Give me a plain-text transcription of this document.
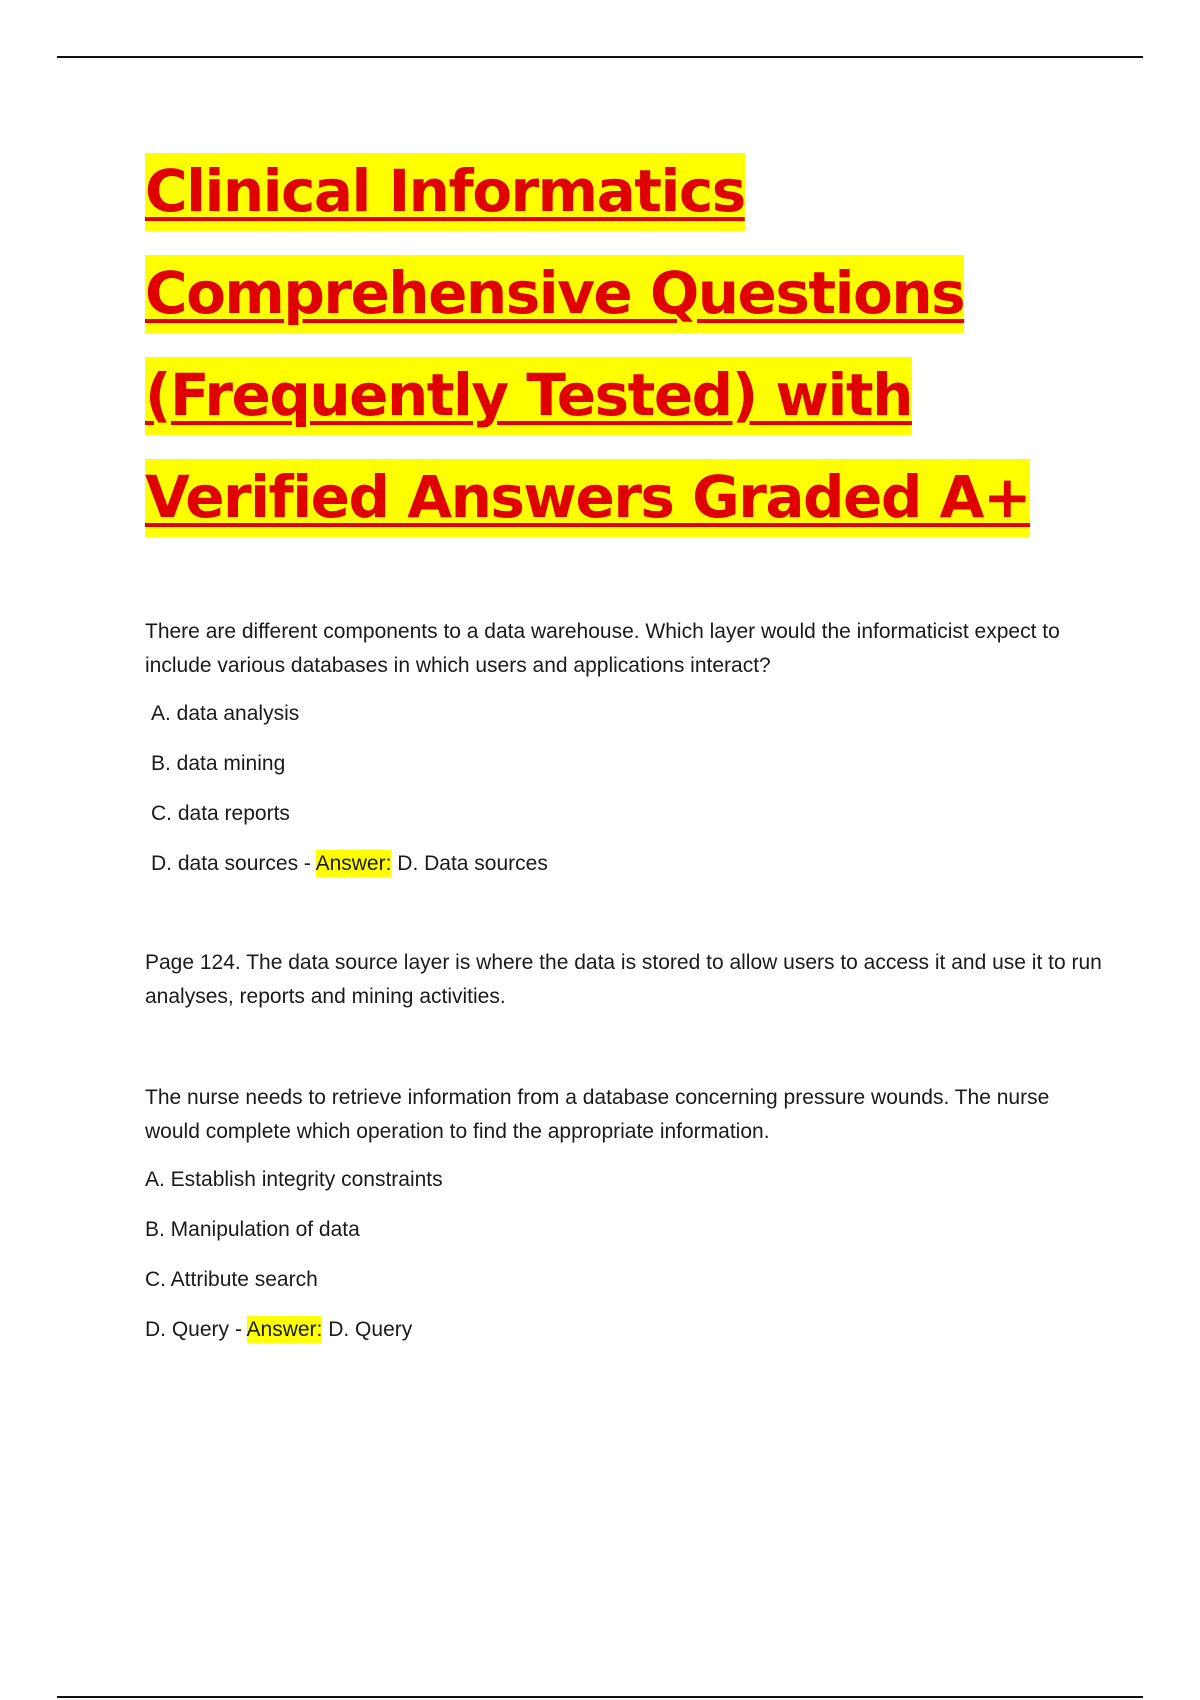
Clinical Informatics
Comprehensive Questions
(Frequently Tested) with
Verified Answers Graded A+

There are different components to a data warehouse. Which layer would the informaticist expect to include various databases in which users and applications interact?

A. data analysis

B. data mining

C. data reports

D. data sources - Answer: D. Data sources

Page 124. The data source layer is where the data is stored to allow users to access it and use it to run analyses, reports and mining activities.

The nurse needs to retrieve information from a database concerning pressure wounds. The nurse would complete which operation to find the appropriate information.

A. Establish integrity constraints

B. Manipulation of data

C. Attribute search

D. Query - Answer: D. Query
